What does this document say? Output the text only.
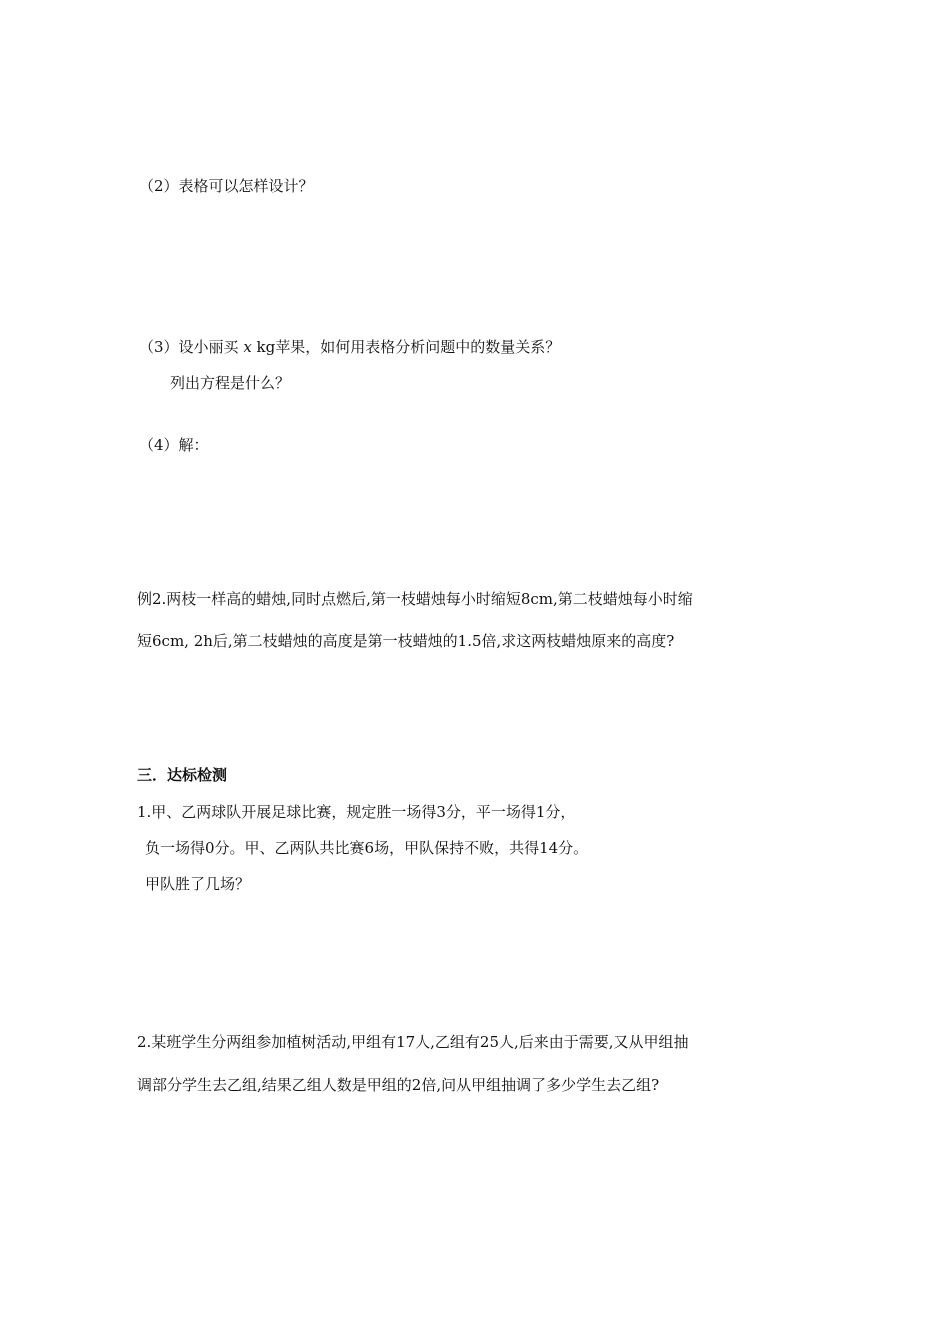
（2）表格可以怎样设计？
（3）设小丽买 x kg苹果，如何用表格分析问题中的数量关系？
列出方程是什么？
（4）解：
例2.两枝一样高的蜡烛,同时点燃后,第一枝蜡烛每小时缩短8cm,第二枝蜡烛每小时缩
短6cm, 2h后,第二枝蜡烛的高度是第一枝蜡烛的1.5倍,求这两枝蜡烛原来的高度?
三．达标检测
1.甲、乙两球队开展足球比赛，规定胜一场得3分，平一场得1分，
负一场得0分。甲、乙两队共比赛6场，甲队保持不败，共得14分。
甲队胜了几场？
2.某班学生分两组参加植树活动,甲组有17人,乙组有25人,后来由于需要,又从甲组抽
调部分学生去乙组,结果乙组人数是甲组的2倍,问从甲组抽调了多少学生去乙组?
